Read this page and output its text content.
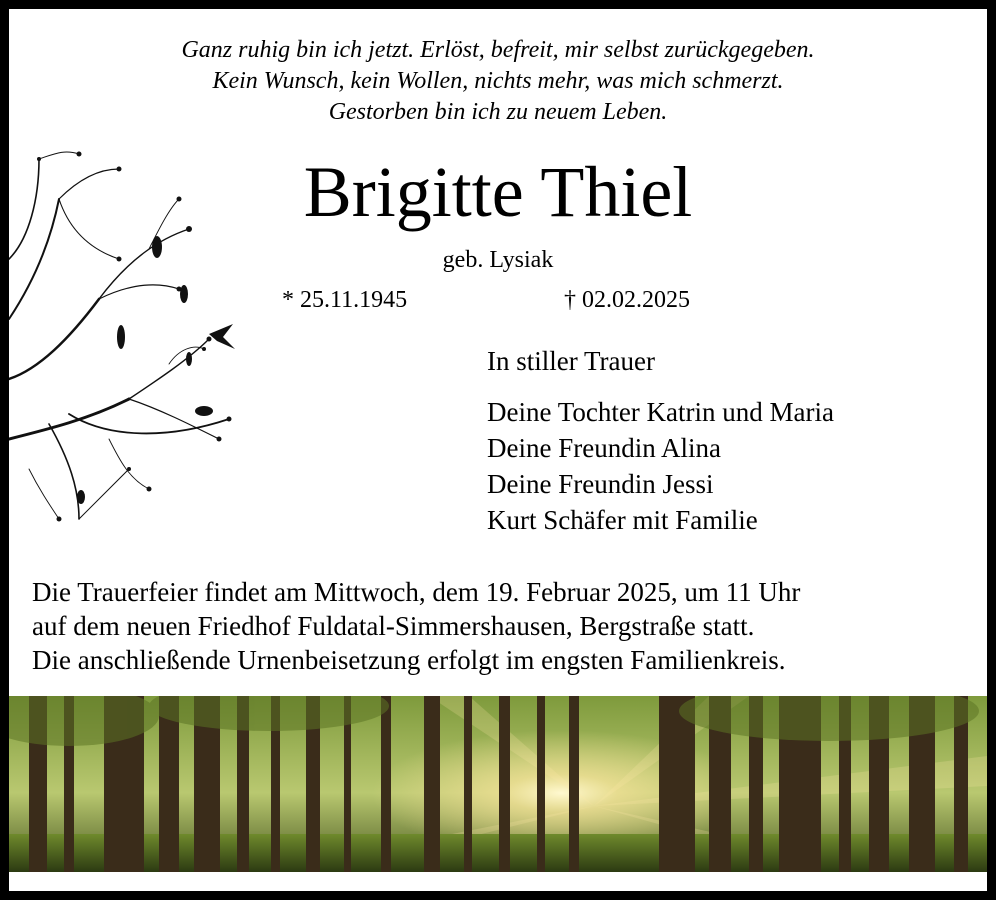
Ganz ruhig bin ich jetzt. Erlöst, befreit, mir selbst zurückgegeben.
Kein Wunsch, kein Wollen, nichts mehr, was mich schmerzt.
Gestorben bin ich zu neuem Leben.
Brigitte Thiel
geb. Lysiak
* 25.11.1945	† 02.02.2025
In stiller Trauer
Deine Tochter Katrin und Maria
Deine Freundin Alina
Deine Freundin Jessi
Kurt Schäfer mit Familie
Die Trauerfeier findet am Mittwoch, dem 19. Februar 2025, um 11 Uhr
auf dem neuen Friedhof Fuldatal-Simmershausen, Bergstraße statt.
Die anschließende Urnenbeisetzung erfolgt im engsten Familienkreis.
